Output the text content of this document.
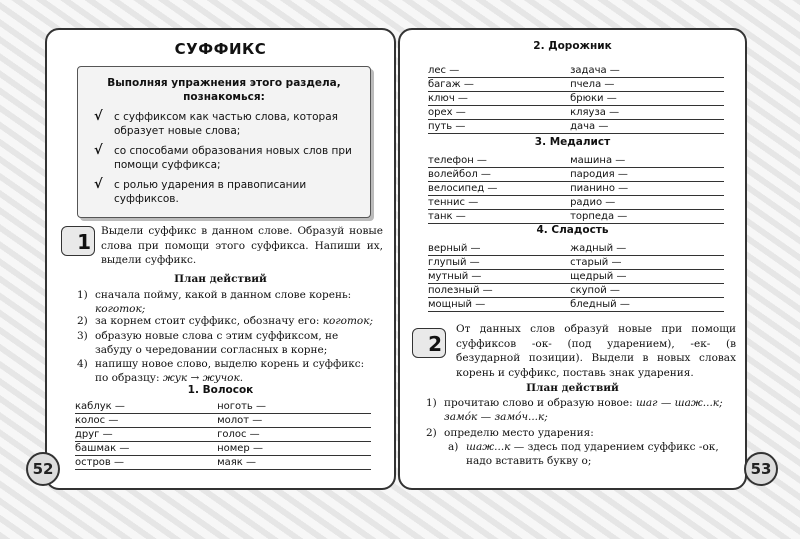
СУФФИКС
Выполняя упражнения этого раздела, познакомься:
√ с суффиксом как частью слова, которая образует новые слова;
√ со способами образования новых слов при помощи суффикса;
√ с ролью ударения в правописании суффиксов.
1 Выдели суффикс в данном слове. Образуй новые слова при помощи этого суффикса. Напиши их, выдели суффикс.
План действий
1) сначала пойму, какой в данном слове корень: коготок;
2) за корнем стоит суффикс, обозначу его: коготок;
3) образую новые слова с этим суффиксом, не забуду о чередовании согласных в корне;
4) напишу новое слово, выделю корень и суффикс: по образцу: жук → жучок.
1. Волосок
каблук —	ноготь —
колос —	молот —
друг —	голос —
башмак —	номер —
остров —	маяк —
52
2. Дорожник
лес —	задача —
багаж —	пчела —
ключ —	брюки —
орех —	кляуза —
путь —	дача —
3. Медалист
телефон —	машина —
волейбол —	пародия —
велосипед —	пианино —
теннис —	радио —
танк —	торпеда —
4. Сладость
верный —	жадный —
глупый —	старый —
мутный —	щедрый —
полезный —	скупой —
мощный —	бледный —
2
От данных слов образуй новые при помощи суффиксов -ок- (под ударением), -ек- (в безударной позиции). Выдели в новых словах корень и суффикс, поставь знак ударения.
План действий
1) прочитаю слово и образую новое: шаг — шаж...к; замóк — замóч...к;
2) определю место ударения:
а) шаж...к — здесь под ударением суффикс -ок, надо вставить букву о;	53
